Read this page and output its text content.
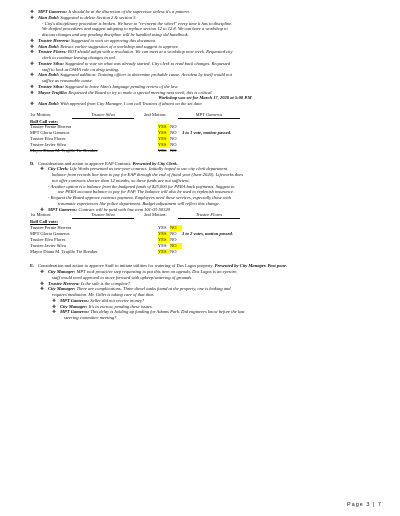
❖ MPT Gameros: It should be at the discretion of the supervisor unless it's a pattern.

❖ Alan Dahl: Suggested to delete Section 2 & section 3.

- City's disciplinary procedure is broken. We have to "re-invent the wheel" every time it has to discipline.

We drafted procedures and suggest adopting to replace section 12 to 12.8. We can have a workshop to

discuss changes and any pending discipline will be handled using old handbook.

❖ Trustee Herrera: Suggested to wait on approving this document.

❖ Alan Dahl: Retract earlier suggestion of a workshop and suggest to approve.

❖ Trustee Flores: BOT should adopt with a resolution. We can meet at a workshop next week. Requested city

clerk to continue leaving changes in red.

❖ Trustee Silva: Suggested to vote on what was already started. City clerk to read back changes. Requested

staff to look at OSHA rule on drug testing.

❖ Alan Dahl: Suggested addition: Training officer to determine probable cause. Accident by itself would not

suffice as reasonable cause.

❖ Trustee Silva: Suggested to leave Alan's language pending review of the law.

❖ Mayor Trujillo: Requested the Board to try to make a special meeting next week, this is critical.

Workshop was set for March 17, 2020 at 5:00 P.M

❖ Alan Dahl: With approval from City Manager, I can call Trustees if absent on the set date.

1st Motion:	Trustee Silva	2nd Motion:	MPT Gameros
Roll Call vote:
Trustee Fernie Herrera	YES NO
MPT Gloria Gameros	YES NO	3 to 1 vote, motion passed.
Trustee Elva Flores	YES NO
Trustee Javier Silva	YES NO
Mayor Diana M. Trujillo Tie Breaker	YES NO

D. Consideration and action to approve EAP Contract. Presented by City Clerk.

❖ City Clerk: Life Works presented us one-year contract. Initially hoped to use city clerk department

balance from records line item to pay for EAP through the end of fiscal year (June 2020). Lifeworks does

not offer contracts shorter than 12 months, so these funds are not sufficient.

- Another option is a balance from the budgeted funds of $25,000 for PERA back payments. Suggest to

use PERA account balance to pay for EAP. The balance will also be used to replenish insurance.

- Request the Board approve contract payment. Employees need these services, especially those with

traumatic experiences like police department. Budget adjustment will reflect this change.

❖ MPT Gameros: Contract will be paid with line item 101-03-50320

1st Motion:	Trustee Silva	2nd Motion:	Trustee Flores
Roll Call vote:
Trustee Fernie Herrera	YES NO
MPT Gloria Gameros	YES NO	3 to 2 votes, motion passed.
Trustee Elva Flores	YES NO
Trustee Javier Silva	YES NO
Mayor Diana M. Trujillo Tie Breaker	YES NO

E. Consideration and action to approve Staff to initiate utilities for watering of Dos Lagos property. Presented by City Manager. Post pone.

❖ City Manager: MPT took proactive step requesting to put this item on agenda, Dos Lagos is an eyesore,

staff would need approval to move forward with upkeep/watering of grounds.

❖ Trustee Herrera: Is the sale is the complete?

❖ City Manager: There are complications. Three diesel tanks found at the property, one is leaking and

requires mediation. Mr. Gillet is taking care of that that.

❖ MPT Gameros: Seller did not receive money?

❖ City Manager: It's in escrow, pending these issues.

❖ MPT Gameros: This delay is holding up funding for Adams Park. Did engineers know before the last

steering committee meeting?

Page 3 | 7
